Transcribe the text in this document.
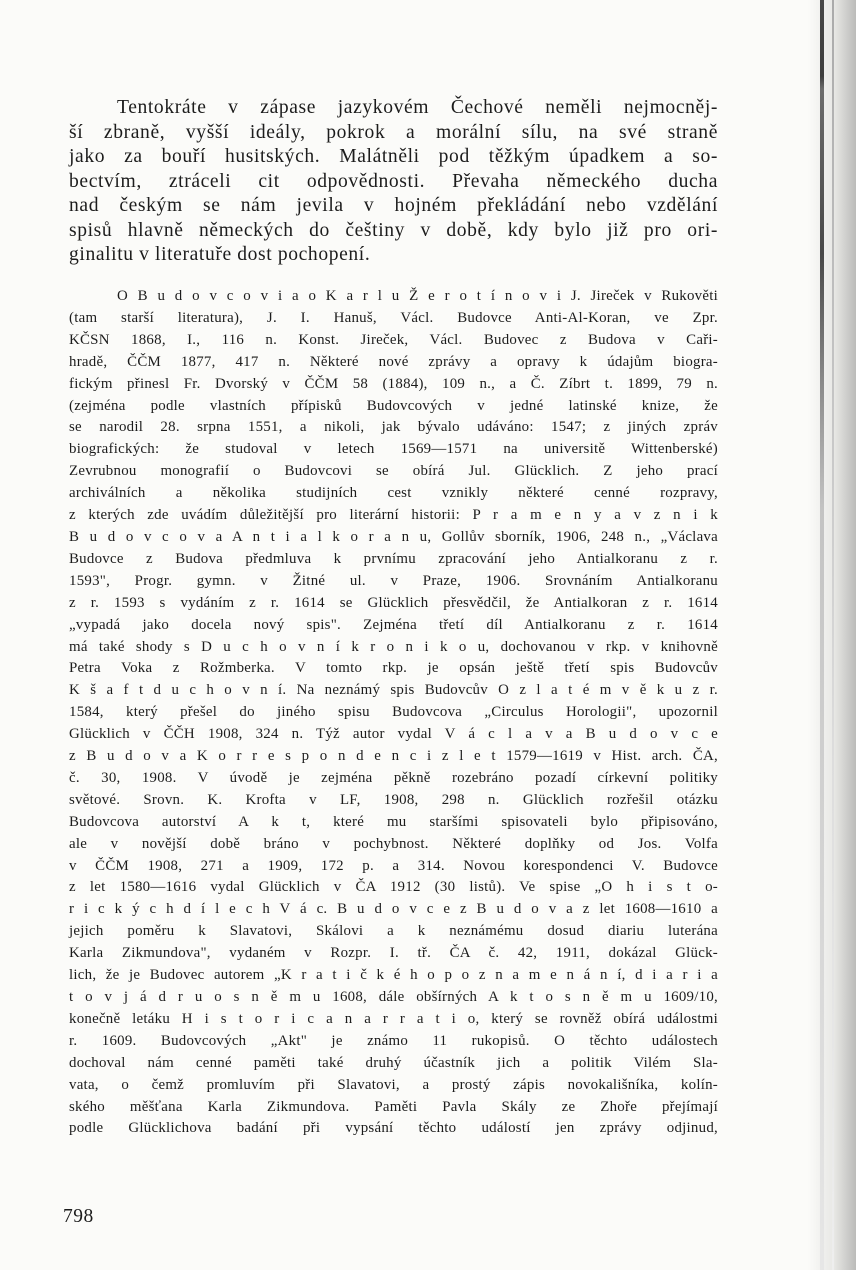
Tentokráte v zápase jazykovém Čechové neměli nejmocněj-
ší zbraně, vyšší ideály, pokrok a morální sílu, na své straně
jako za bouří husitských. Malátněli pod těžkým úpadkem a so-
bectvím, ztráceli cit odpovědnosti. Převaha německého ducha
nad českým se nám jevila v hojném překládání nebo vzdělání
spisů hlavně německých do češtiny v době, kdy bylo již pro ori-
ginalitu v literatuře dost pochopení.
O B u d o v c o v i a o K a r l u Ž e r o t í n o v i J. Jireček v Rukověti
(tam starší literatura), J. I. Hanuš, Václ. Budovce Anti-Al-Koran, ve Zpr.
KČSN 1868, I., 116 n. Konst. Jireček, Václ. Budovec z Budova v Caři-
hradě, ČČM 1877, 417 n. Některé nové zprávy a opravy k údajům biogra-
fickým přinesl Fr. Dvorský v ČČM 58 (1884), 109 n., a Č. Zíbrt t. 1899, 79 n.
(zejména podle vlastních přípisků Budovcových v jedné latinské knize, že
se narodil 28. srpna 1551, a nikoli, jak bývalo udáváno: 1547; z jiných zpráv
biografických: že studoval v letech 1569—1571 na universitě Wittenberské)
Zevrubnou monografií o Budovcovi se obírá Jul. Glücklich. Z jeho prací
archiválních a několika studijních cest vznikly některé cenné rozpravy,
z kterých zde uvádím důležitější pro literární historii: P r a m e n y a v z n i k
B u d o v c o v a A n t i a l k o r a n u, Gollův sborník, 1906, 248 n., „Václava
Budovce z Budova předmluva k prvnímu zpracování jeho Antialkoranu z r.
1593", Progr. gymn. v Žitné ul. v Praze, 1906. Srovnáním Antialkoranu
z r. 1593 s vydáním z r. 1614 se Glücklich přesvědčil, že Antialkoran z r. 1614
„vypadá jako docela nový spis". Zejména třetí díl Antialkoranu z r. 1614
má také shody s D u c h o v n í k r o n i k o u, dochovanou v rkp. v knihovně
Petra Voka z Rožmberka. V tomto rkp. je opsán ještě třetí spis Budovcův
K š a f t d u c h o v n í. Na neznámý spis Budovcův O z l a t é m v ě k u z r.
1584, který přešel do jiného spisu Budovcova „Circulus Horologii", upozornil
Glücklich v ČČH 1908, 324 n. Týž autor vydal V á c l a v a B u d o v c e
z B u d o v a K o r r e s p o n d e n c i z l e t 1579—1619 v Hist. arch. ČA,
č. 30, 1908. V úvodě je zejména pěkně rozebráno pozadí církevní politiky
světové. Srovn. K. Krofta v LF, 1908, 298 n. Glücklich rozřešil otázku
Budovcova autorství A k t, které mu staršími spisovateli bylo připisováno,
ale v novější době bráno v pochybnost. Některé doplňky od Jos. Volfa
v ČČM 1908, 271 a 1909, 172 p. a 314. Novou korespondenci V. Budovce
z let 1580—1616 vydal Glücklich v ČA 1912 (30 listů). Ve spise „O h i s t o-
r i c k ý c h d í l e c h V á c. B u d o v c e z B u d o v a z let 1608—1610 a
jejich poměru k Slavatovi, Skálovi a k neznámému dosud diariu luterána
Karla Zikmundova", vydaném v Rozpr. I. tř. ČA č. 42, 1911, dokázal Glück-
lich, že je Budovec autorem „K r a t i č k é h o p o z n a m e n á n í, d i a r i a
t o v j á d r u o s n ě m u 1608, dále obšírných A k t o s n ě m u 1609/10,
konečně letáku H i s t o r i c a n a r r a t i o, který se rovněž obírá událostmi
r. 1609. Budovcových „Akt" je známo 11 rukopisů. O těchto událostech
dochoval nám cenné paměti také druhý účastník jich a politik Vilém Sla-
vata, o čemž promluvím při Slavatovi, a prostý zápis novokališníka, kolín-
ského měšťana Karla Zikmundova. Paměti Pavla Skály ze Zhoře přejímají
podle Glücklichova badání při vypsání těchto událostí jen zprávy odjinud,
798
